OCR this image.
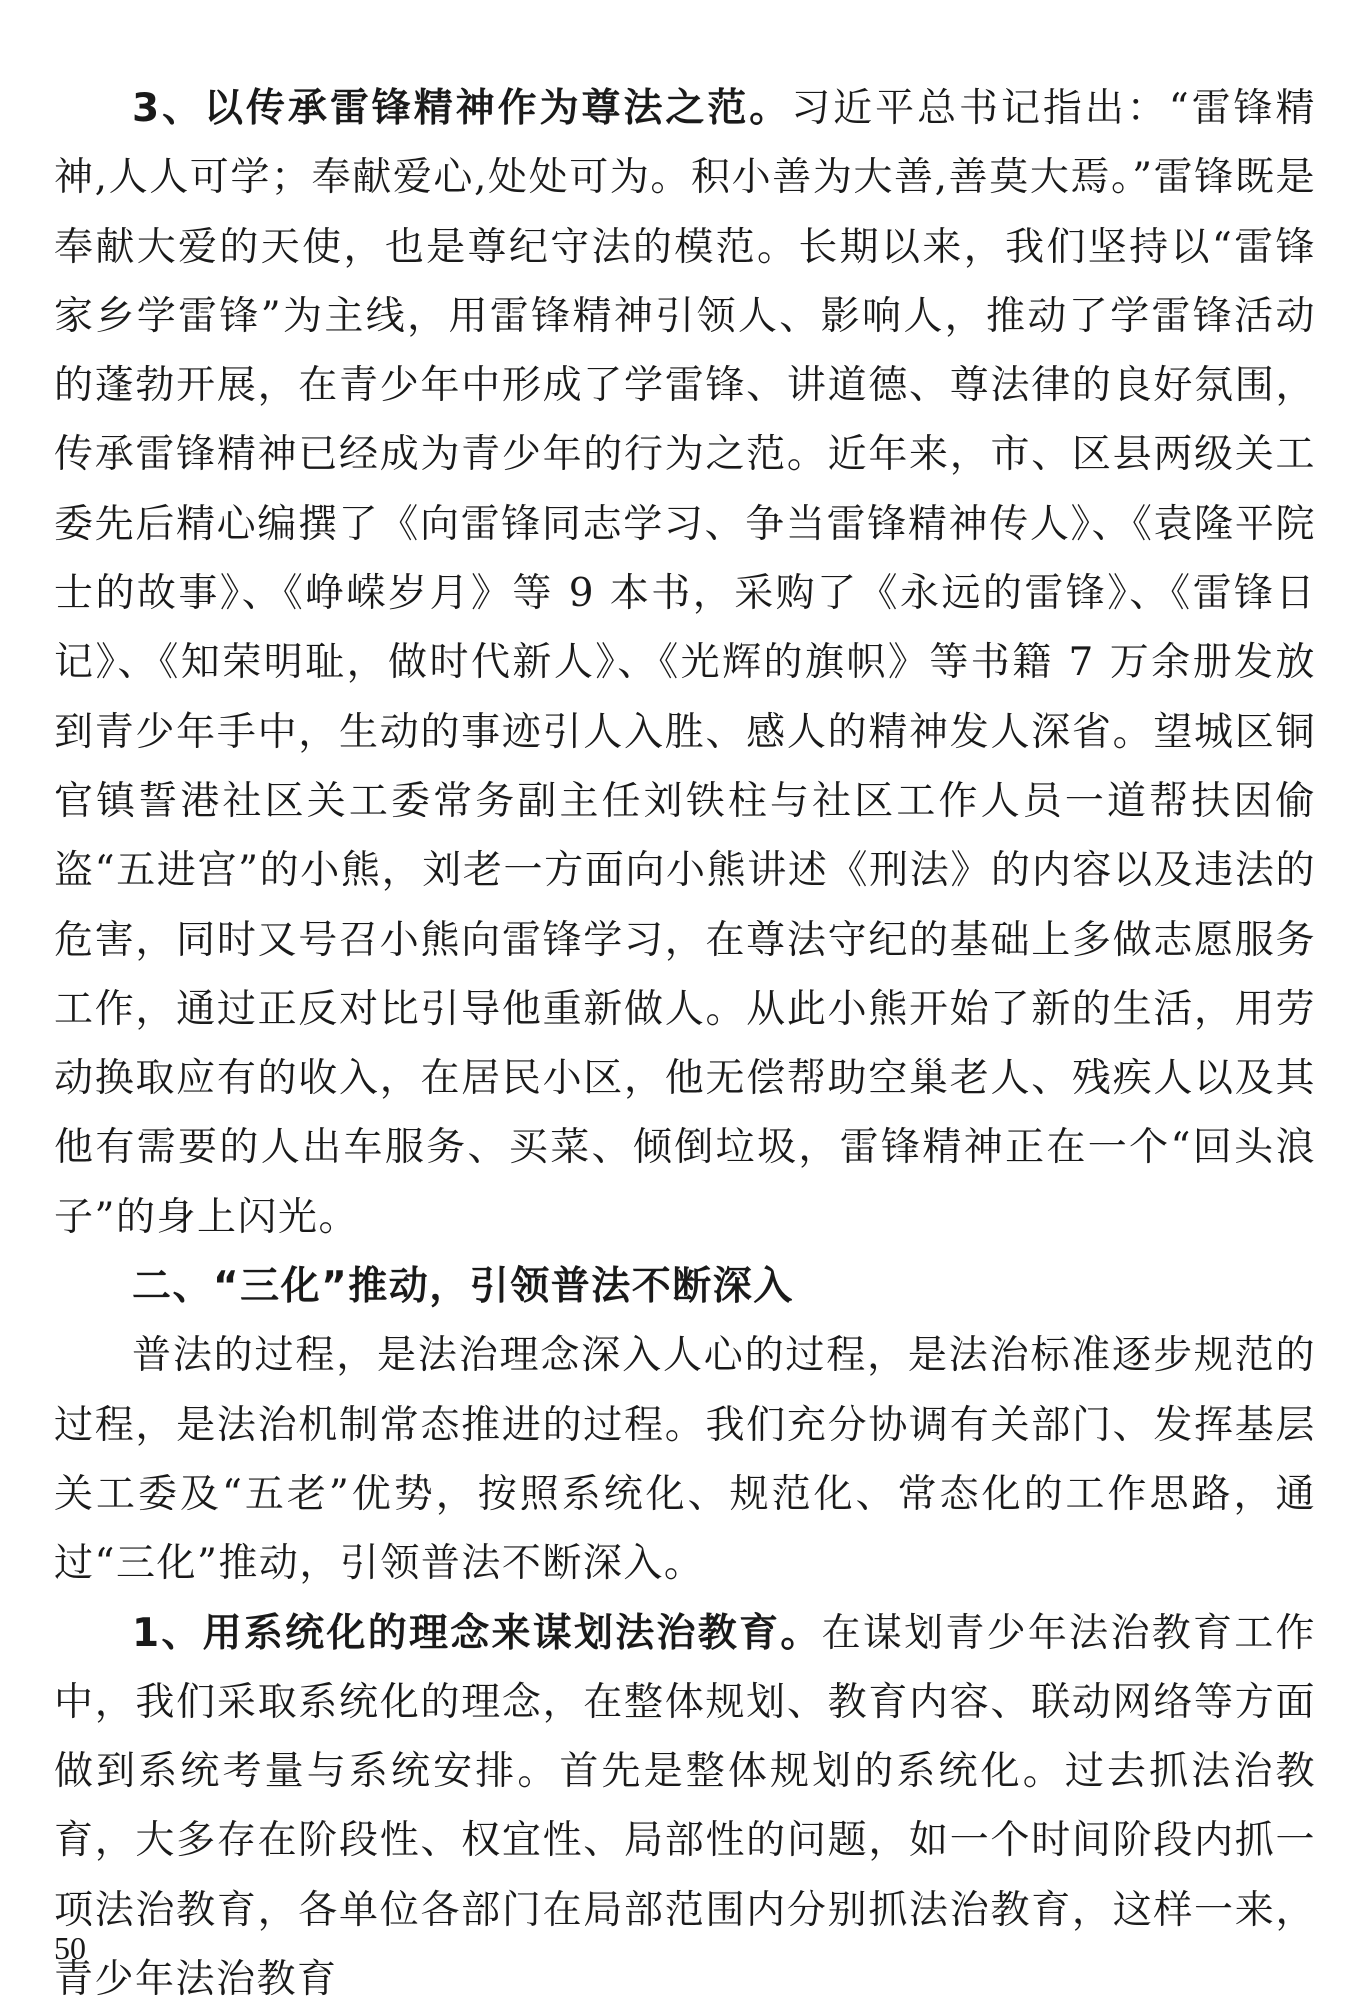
3、以传承雷锋精神作为尊法之范。习近平总书记指出：“雷锋精神,人人可学；奉献爱心,处处可为。积小善为大善,善莫大焉。”雷锋既是奉献大爱的天使，也是尊纪守法的模范。长期以来，我们坚持以“雷锋家乡学雷锋”为主线，用雷锋精神引领人、影响人，推动了学雷锋活动的蓬勃开展，在青少年中形成了学雷锋、讲道德、尊法律的良好氛围，传承雷锋精神已经成为青少年的行为之范。近年来，市、区县两级关工委先后精心编撰了《向雷锋同志学习、争当雷锋精神传人》、《袁隆平院士的故事》、《峥嵘岁月》等 9 本书，采购了《永远的雷锋》、《雷锋日记》、《知荣明耻，做时代新人》、《光辉的旗帜》等书籍 7 万余册发放到青少年手中，生动的事迹引人入胜、感人的精神发人深省。望城区铜官镇誓港社区关工委常务副主任刘铁柱与社区工作人员一道帮扶因偷盗“五进宫”的小熊，刘老一方面向小熊讲述《刑法》的内容以及违法的危害，同时又号召小熊向雷锋学习，在尊法守纪的基础上多做志愿服务工作，通过正反对比引导他重新做人。从此小熊开始了新的生活，用劳动换取应有的收入，在居民小区，他无偿帮助空巢老人、残疾人以及其他有需要的人出车服务、买菜、倾倒垃圾，雷锋精神正在一个“回头浪子”的身上闪光。

二、“三化”推动，引领普法不断深入

普法的过程，是法治理念深入人心的过程，是法治标准逐步规范的过程，是法治机制常态推进的过程。我们充分协调有关部门、发挥基层关工委及“五老”优势，按照系统化、规范化、常态化的工作思路，通过“三化”推动，引领普法不断深入。

1、用系统化的理念来谋划法治教育。在谋划青少年法治教育工作中，我们采取系统化的理念，在整体规划、教育内容、联动网络等方面做到系统考量与系统安排。首先是整体规划的系统化。过去抓法治教育，大多存在阶段性、权宜性、局部性的问题，如一个时间阶段内抓一项法治教育，各单位各部门在局部范围内分别抓法治教育，这样一来，青少年法治教育

50
